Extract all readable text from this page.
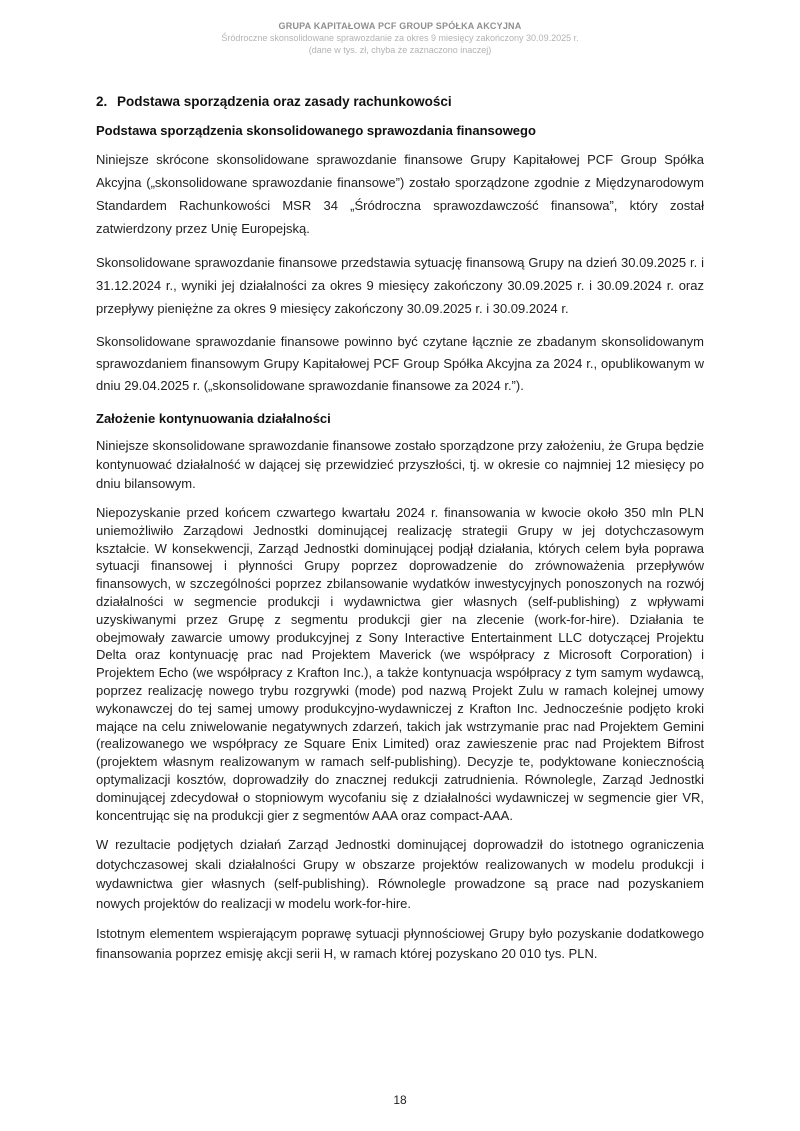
GRUPA KAPITAŁOWA PCF GROUP SPÓŁKA AKCYJNA
Śródroczne skonsolidowane sprawozdanie za okres 9 miesięcy zakończony 30.09.2025 r.
(dane w tys. zł, chyba że zaznaczono inaczej)
2. Podstawa sporządzenia oraz zasady rachunkowości
Podstawa sporządzenia skonsolidowanego sprawozdania finansowego

Niniejsze skrócone skonsolidowane sprawozdanie finansowe Grupy Kapitałowej PCF Group Spółka Akcyjna („skonsolidowane sprawozdanie finansowe”) zostało sporządzone zgodnie z Międzynarodowym Standardem Rachunkowości MSR 34 „Śródroczna sprawozdawczość finansowa”, który został zatwierdzony przez Unię Europejską.

Skonsolidowane sprawozdanie finansowe przedstawia sytuację finansową Grupy na dzień 30.09.2025 r. i 31.12.2024 r., wyniki jej działalności za okres 9 miesięcy zakończony 30.09.2025 r. i 30.09.2024 r. oraz przepływy pieniężne za okres 9 miesięcy zakończony 30.09.2025 r. i 30.09.2024 r.

Skonsolidowane sprawozdanie finansowe powinno być czytane łącznie ze zbadanym skonsolidowanym sprawozdaniem finansowym Grupy Kapitałowej PCF Group Spółka Akcyjna za 2024 r., opublikowanym w dniu 29.04.2025 r. („skonsolidowane sprawozdanie finansowe za 2024 r.”).

Założenie kontynuowania działalności

Niniejsze skonsolidowane sprawozdanie finansowe zostało sporządzone przy założeniu, że Grupa będzie kontynuować działalność w dającej się przewidzieć przyszłości, tj. w okresie co najmniej 12 miesięcy po dniu bilansowym.

Niepozyskanie przed końcem czwartego kwartału 2024 r. finansowania w kwocie około 350 mln PLN uniemożliwiło Zarządowi Jednostki dominującej realizację strategii Grupy w jej dotychczasowym kształcie. W konsekwencji, Zarząd Jednostki dominującej podjął działania, których celem była poprawa sytuacji finansowej i płynności Grupy poprzez doprowadzenie do zrównoważenia przepływów finansowych, w szczególności poprzez zbilansowanie wydatków inwestycyjnych ponoszonych na rozwój działalności w segmencie produkcji i wydawnictwa gier własnych (self-publishing) z wpływami uzyskiwanymi przez Grupę z segmentu produkcji gier na zlecenie (work-for-hire). Działania te obejmowały zawarcie umowy produkcyjnej z Sony Interactive Entertainment LLC dotyczącej Projektu Delta oraz kontynuację prac nad Projektem Maverick (we współpracy z Microsoft Corporation) i Projektem Echo (we współpracy z Krafton Inc.), a także kontynuacja współpracy z tym samym wydawcą, poprzez realizację nowego trybu rozgrywki (mode) pod nazwą Projekt Zulu w ramach kolejnej umowy wykonawczej do tej samej umowy produkcyjno-wydawniczej z Krafton Inc. Jednocześnie podjęto kroki mające na celu zniwelowanie negatywnych zdarzeń, takich jak wstrzymanie prac nad Projektem Gemini (realizowanego we współpracy ze Square Enix Limited) oraz zawieszenie prac nad Projektem Bifrost (projektem własnym realizowanym w ramach self-publishing). Decyzje te, podyktowane koniecznością optymalizacji kosztów, doprowadziły do znacznej redukcji zatrudnienia. Równolegle, Zarząd Jednostki dominującej zdecydował o stopniowym wycofaniu się z działalności wydawniczej w segmencie gier VR, koncentrując się na produkcji gier z segmentów AAA oraz compact-AAA.

W rezultacie podjętych działań Zarząd Jednostki dominującej doprowadził do istotnego ograniczenia dotychczasowej skali działalności Grupy w obszarze projektów realizowanych w modelu produkcji i wydawnictwa gier własnych (self-publishing). Równolegle prowadzone są prace nad pozyskaniem nowych projektów do realizacji w modelu work-for-hire.

Istotnym elementem wspierającym poprawę sytuacji płynnościowej Grupy było pozyskanie dodatkowego finansowania poprzez emisję akcji serii H, w ramach której pozyskano 20 010 tys. PLN.

18
